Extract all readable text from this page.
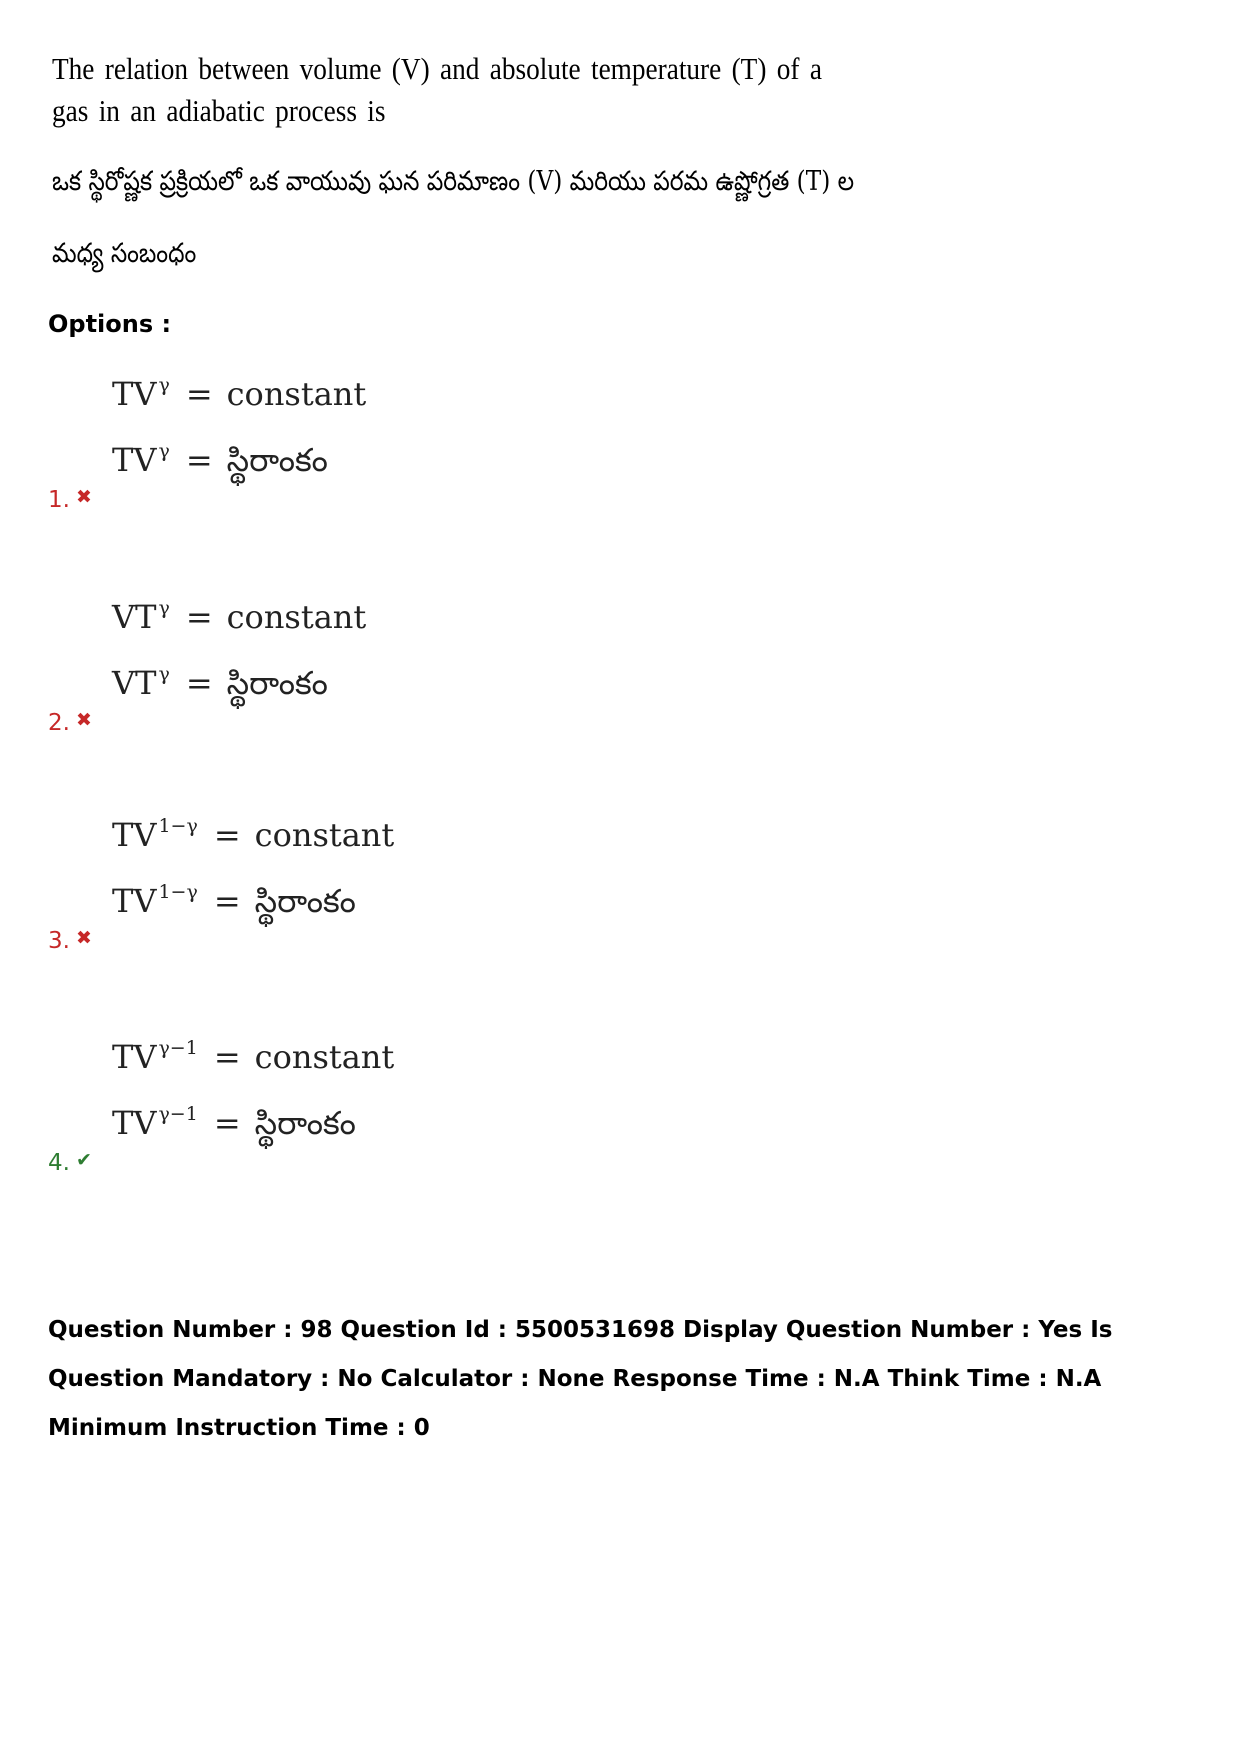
The relation between volume (V) and absolute temperature (T) of a gas in an adiabatic process is

ఒక స్థిరోష్ణక ప్రక్రియలో ఒక వాయువు ఘన పరిమాణం (V) మరియు పరమ ఉష్ణోగ్రత (T) ల

మధ్య సంబంధం

Options :

TV $^\gamma$ = constant
TV $^\gamma$ = స్థిరాంకం
1. ✖
VT $^\gamma$ = constant
VT $^\gamma$ = స్థిరాంకం
2. ✖
TV $^{1-\gamma}$ = constant
TV $^{1-\gamma}$ = స్థిరాంకం
3. ✖
TV $^{\gamma-1}$ = constant
TV $^{\gamma-1}$ = స్థిరాంకం
4. ✔

Question Number : 98 Question Id : 5500531698 Display Question Number : Yes Is Question Mandatory : No Calculator : None Response Time : N.A Think Time : N.A Minimum Instruction Time : 0
